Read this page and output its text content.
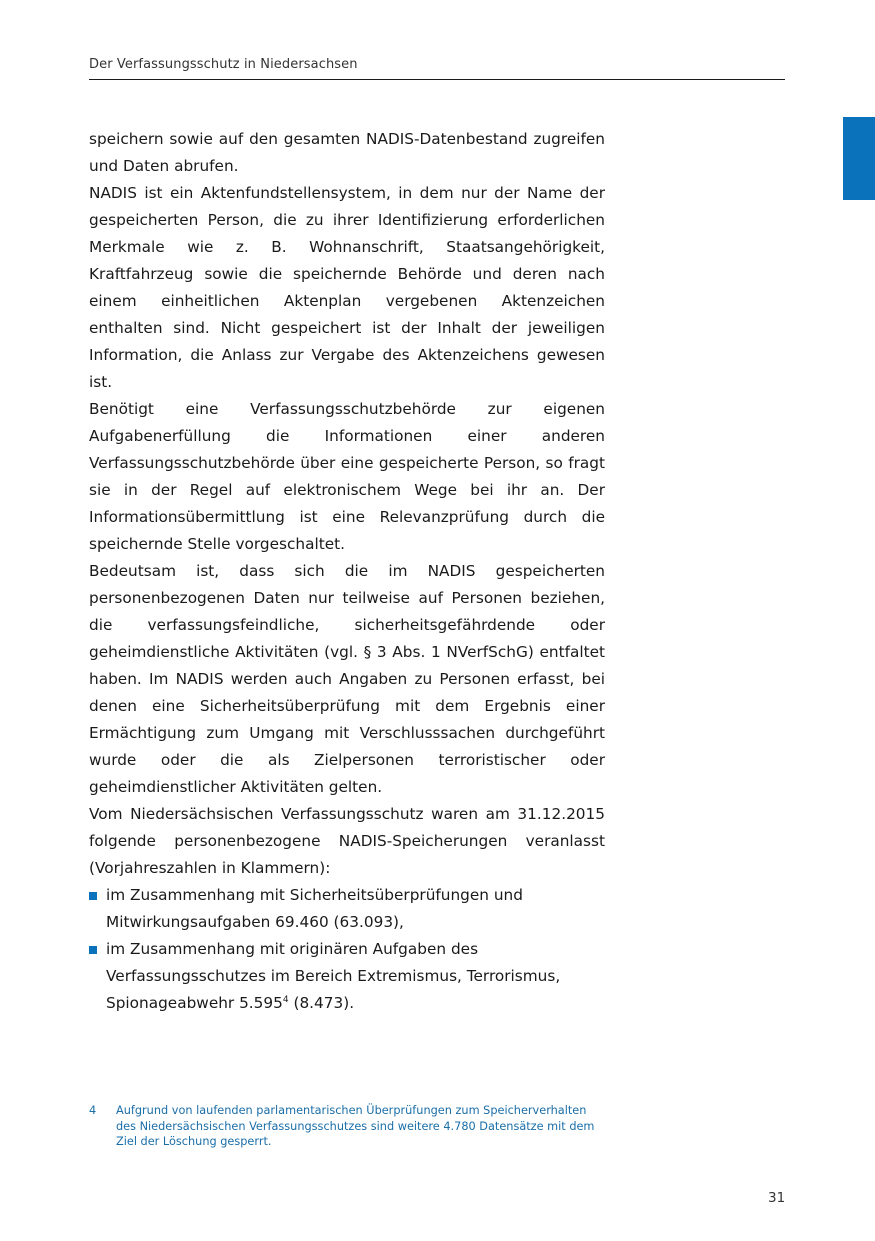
Der Verfassungsschutz in Niedersachsen

speichern sowie auf den gesamten NADIS-Datenbestand zugreifen und Daten abrufen.

NADIS ist ein Aktenfundstellensystem, in dem nur der Name der gespeicherten Person, die zu ihrer Identifizierung erforderlichen Merkmale wie z. B. Wohnanschrift, Staatsangehörigkeit, Kraftfahrzeug sowie die speichernde Behörde und deren nach einem einheitlichen Aktenplan vergebenen Aktenzeichen enthalten sind. Nicht gespeichert ist der Inhalt der jeweiligen Information, die Anlass zur Vergabe des Aktenzeichens gewesen ist.

Benötigt eine Verfassungsschutzbehörde zur eigenen Aufgabenerfüllung die Informationen einer anderen Verfassungsschutzbehörde über eine gespeicherte Person, so fragt sie in der Regel auf elektronischem Wege bei ihr an. Der Informationsübermittlung ist eine Relevanzprüfung durch die speichernde Stelle vorgeschaltet.

Bedeutsam ist, dass sich die im NADIS gespeicherten personenbezogenen Daten nur teilweise auf Personen beziehen, die verfassungsfeindliche, sicherheitsgefährdende oder geheimdienstliche Aktivitäten (vgl. § 3 Abs. 1 NVerfSchG) entfaltet haben. Im NADIS werden auch Angaben zu Personen erfasst, bei denen eine Sicherheitsüberprüfung mit dem Ergebnis einer Ermächtigung zum Umgang mit Verschlusssachen durchgeführt wurde oder die als Zielpersonen terroristischer oder geheimdienstlicher Aktivitäten gelten.

Vom Niedersächsischen Verfassungsschutz waren am 31.12.2015 folgende personenbezogene NADIS-Speicherungen veranlasst (Vorjahreszahlen in Klammern):

im Zusammenhang mit Sicherheitsüberprüfungen und Mitwirkungsaufgaben 69.460 (63.093),
im Zusammenhang mit originären Aufgaben des Verfassungsschutzes im Bereich Extremismus, Terrorismus, Spionageabwehr 5.595$^4$ (8.473).
4	Aufgrund von laufenden parlamentarischen Überprüfungen zum Speicherverhalten des Niedersächsischen Verfassungsschutzes sind weitere 4.780 Datensätze mit dem Ziel der Löschung gesperrt.
31
